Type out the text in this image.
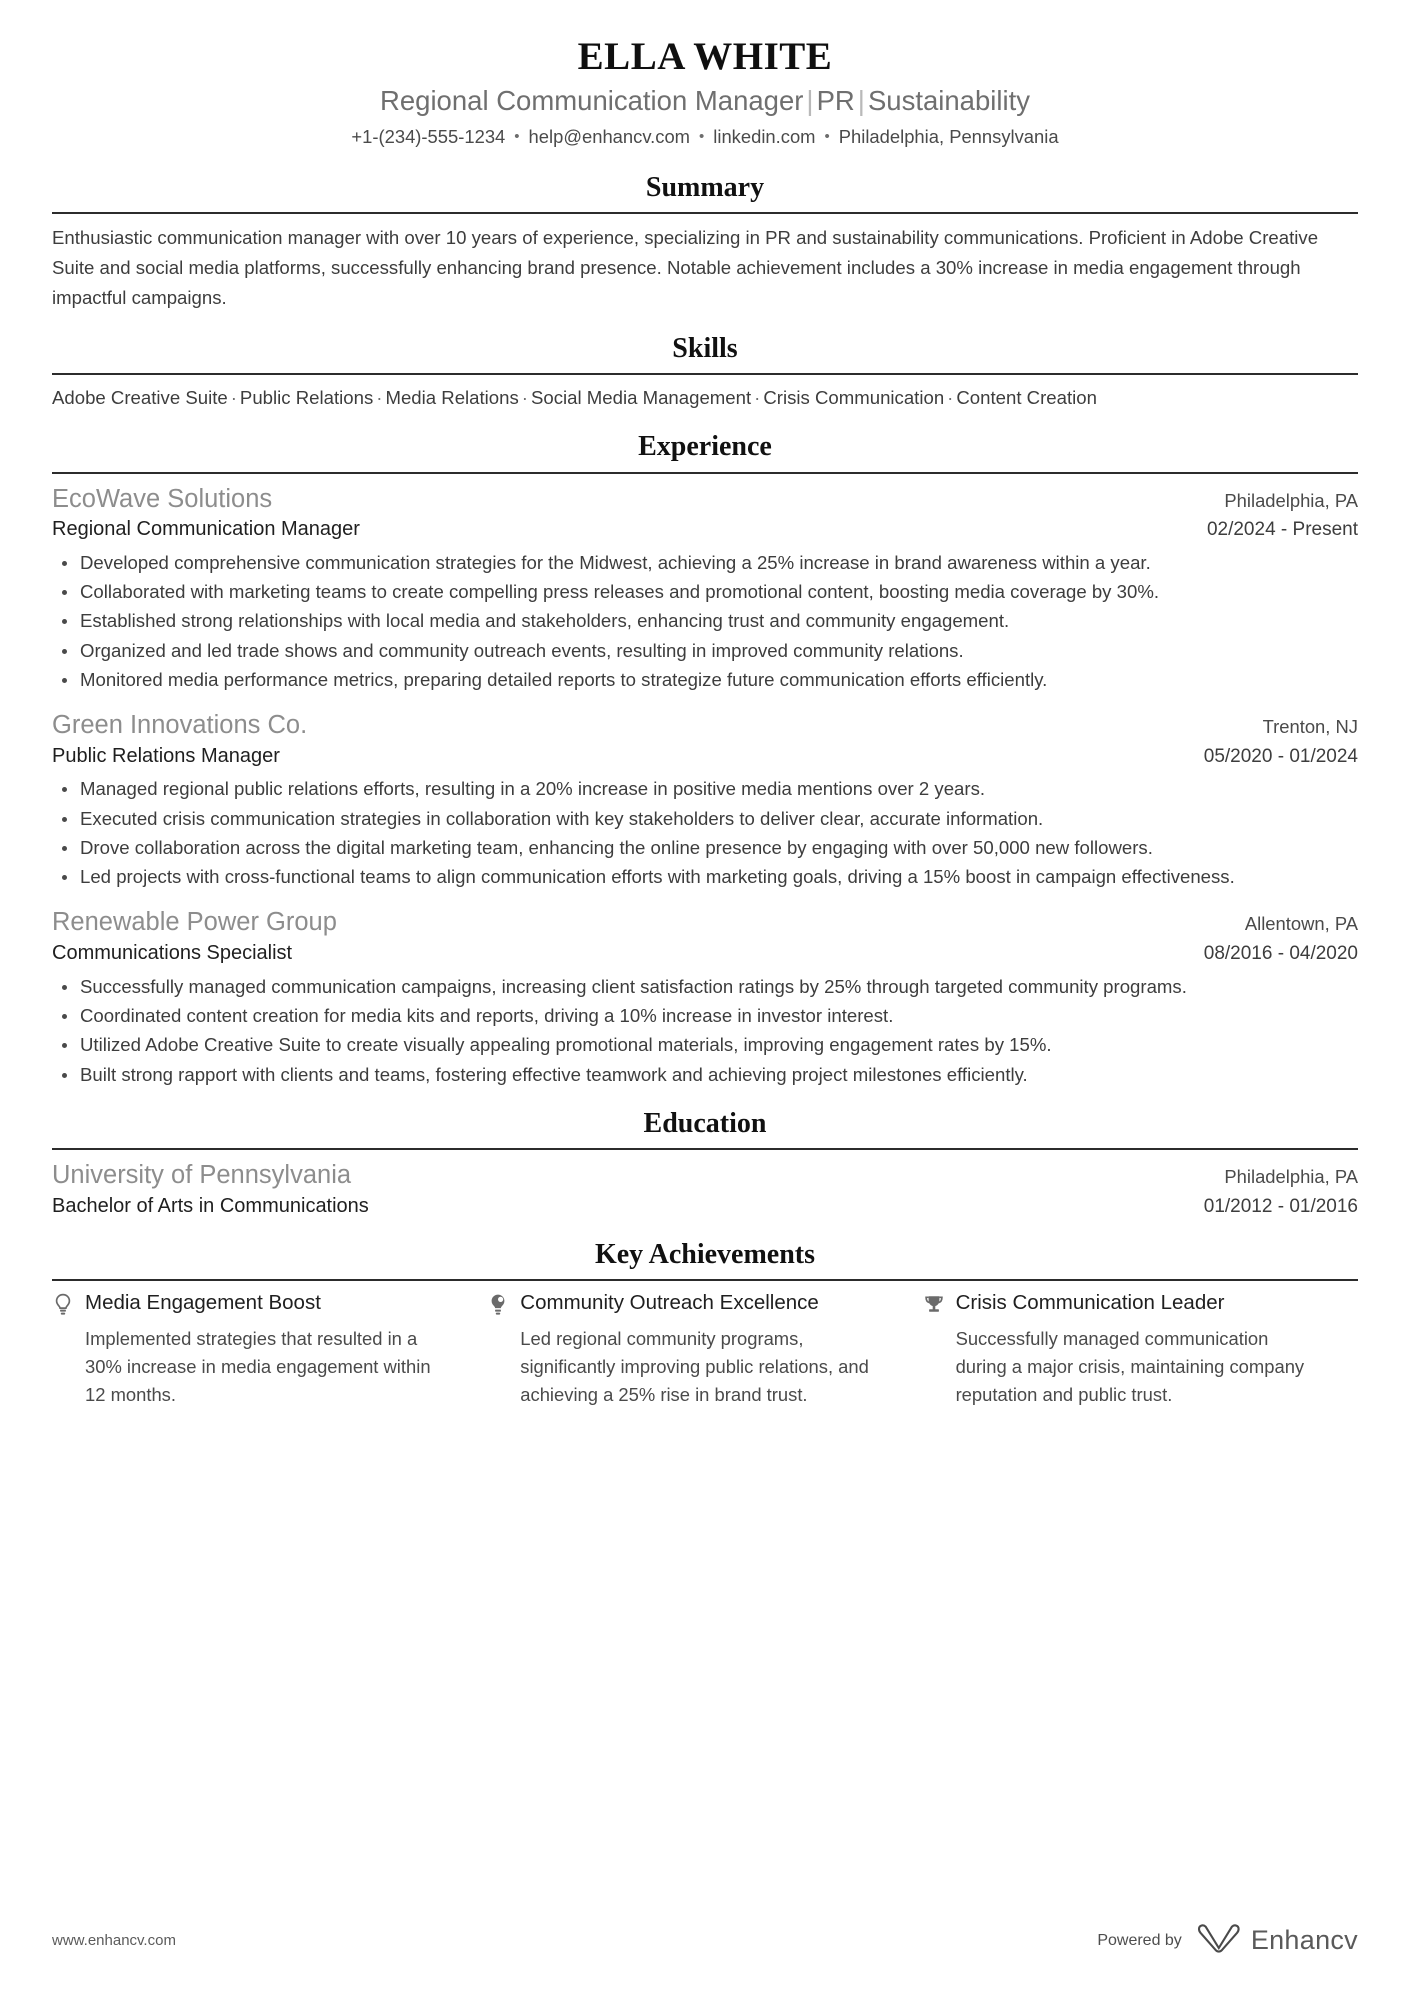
ELLA WHITE
Regional Communication Manager | PR | Sustainability
+1-(234)-555-1234 • help@enhancv.com • linkedin.com • Philadelphia, Pennsylvania
Summary

Enthusiastic communication manager with over 10 years of experience, specializing in PR and sustainability communications. Proficient in Adobe Creative Suite and social media platforms, successfully enhancing brand presence. Notable achievement includes a 30% increase in media engagement through impactful campaigns.

Skills

Adobe Creative Suite · Public Relations · Media Relations · Social Media Management · Crisis Communication · Content Creation

Experience
EcoWave Solutions	Philadelphia, PA
Regional Communication Manager	02/2024 - Present
Developed comprehensive communication strategies for the Midwest, achieving a 25% increase in brand awareness within a year.
Collaborated with marketing teams to create compelling press releases and promotional content, boosting media coverage by 30%.
Established strong relationships with local media and stakeholders, enhancing trust and community engagement.
Organized and led trade shows and community outreach events, resulting in improved community relations.
Monitored media performance metrics, preparing detailed reports to strategize future communication efforts efficiently.
Green Innovations Co.	Trenton, NJ
Public Relations Manager	05/2020 - 01/2024
Managed regional public relations efforts, resulting in a 20% increase in positive media mentions over 2 years.
Executed crisis communication strategies in collaboration with key stakeholders to deliver clear, accurate information.
Drove collaboration across the digital marketing team, enhancing the online presence by engaging with over 50,000 new followers.
Led projects with cross-functional teams to align communication efforts with marketing goals, driving a 15% boost in campaign effectiveness.
Renewable Power Group	Allentown, PA
Communications Specialist	08/2016 - 04/2020
Successfully managed communication campaigns, increasing client satisfaction ratings by 25% through targeted community programs.
Coordinated content creation for media kits and reports, driving a 10% increase in investor interest.
Utilized Adobe Creative Suite to create visually appealing promotional materials, improving engagement rates by 15%.
Built strong rapport with clients and teams, fostering effective teamwork and achieving project milestones efficiently.
Education
University of Pennsylvania	Philadelphia, PA
Bachelor of Arts in Communications	01/2012 - 01/2016
Key Achievements
Media Engagement Boost
Implemented strategies that resulted in a 30% increase in media engagement within 12 months.
Community Outreach Excellence
Led regional community programs, significantly improving public relations, and achieving a 25% rise in brand trust.
Crisis Communication Leader
Successfully managed communication during a major crisis, maintaining company reputation and public trust.
www.enhancv.com	Powered by	Enhancv
